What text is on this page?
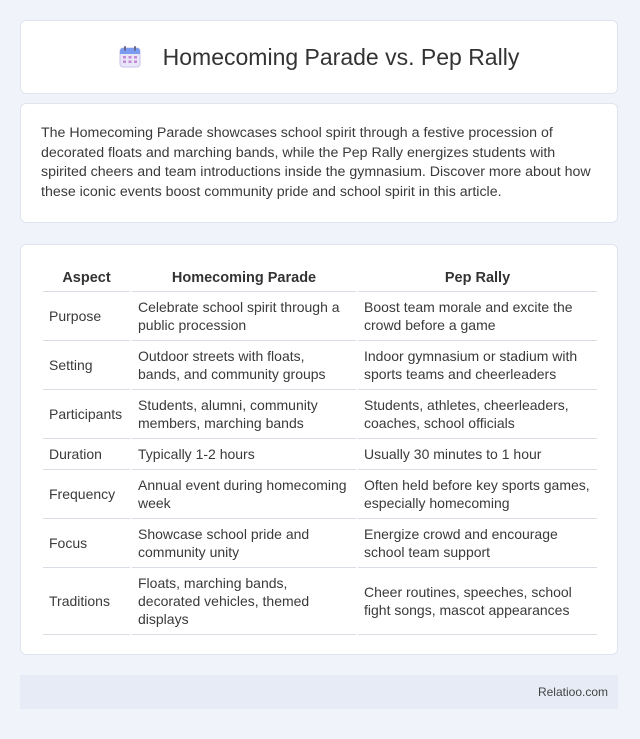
Homecoming Parade vs. Pep Rally

The Homecoming Parade showcases school spirit through a festive procession of decorated floats and marching bands, while the Pep Rally energizes students with spirited cheers and team introductions inside the gymnasium. Discover more about how these iconic events boost community pride and school spirit in this article.

Aspect	Homecoming Parade	Pep Rally
Purpose	Celebrate school spirit through a public procession	Boost team morale and excite the crowd before a game
Setting	Outdoor streets with floats, bands, and community groups	Indoor gymnasium or stadium with sports teams and cheerleaders
Participants	Students, alumni, community members, marching bands	Students, athletes, cheerleaders, coaches, school officials
Duration	Typically 1-2 hours	Usually 30 minutes to 1 hour
Frequency	Annual event during homecoming week	Often held before key sports games, especially homecoming
Focus	Showcase school pride and community unity	Energize crowd and encourage school team support
Traditions	Floats, marching bands, decorated vehicles, themed displays	Cheer routines, speeches, school fight songs, mascot appearances
Relatioo.com
